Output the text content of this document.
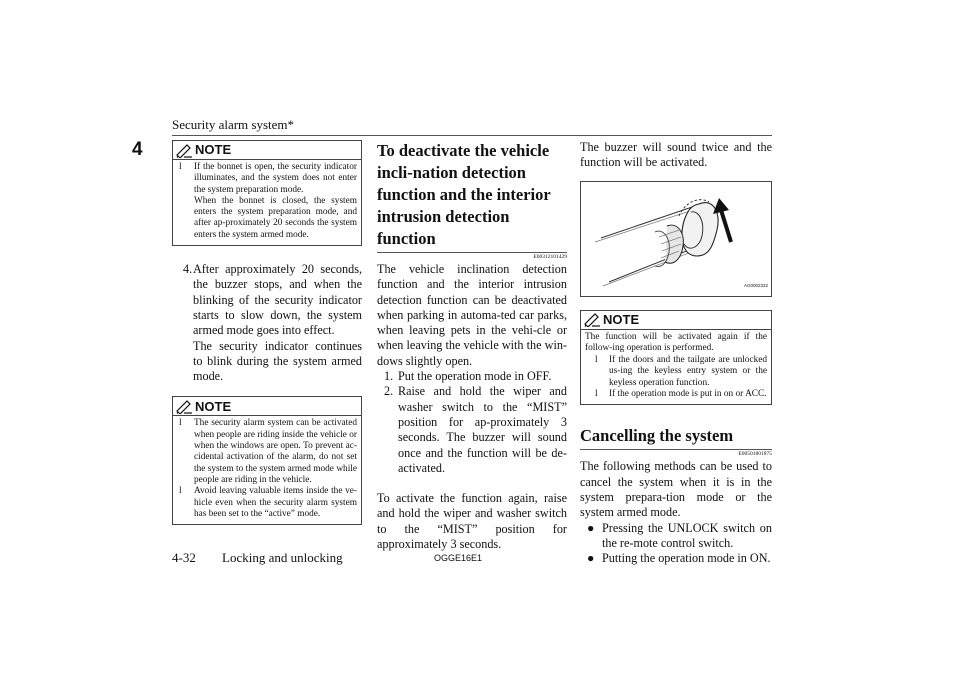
Security alarm system*
4	NOTE
l If the bonnet is open, the security indicator illuminates, and the system does not enter the system preparation mode.

When the bonnet is closed, the system enters the system preparation mode, and after ap-proximately 20 seconds the system enters the system armed mode.

4. After approximately 20 seconds, the buzzer stops, and when the blinking of the security indicator starts to slow down, the system armed mode goes into effect.

The security indicator continues to blink during the system armed mode.

NOTE
l The security alarm system can be activated when people are riding inside the vehicle or when the windows are open. To prevent ac-cidental activation of the alarm, do not set the system to the system armed mode while people are riding in the vehicle.

l Avoid leaving valuable items inside the ve-hicle even when the security alarm system has been set to the “active” mode.

To deactivate the vehicle incli-nation detection function and the interior intrusion detection function
E00312101429

The vehicle inclination detection function and the interior intrusion detection function can be deactivated when parking in automa-ted car parks, when leaving pets in the vehi-cle or when leaving the vehicle with the win-dows slightly open.

1. Put the operation mode in OFF.

2. Raise and hold the wiper and washer switch to the “MIST” position for ap-proximately 3 seconds. The buzzer will sound once and the function will be de-activated.

To activate the function again, raise and hold the wiper and washer switch to the “MIST” position for approximately 3 seconds.

The buzzer will sound twice and the function will be activated.

AG0002332
NOTE

The function will be activated again if the follow-ing operation is performed.

l If the doors and the tailgate are unlocked us-ing the keyless entry system or the keyless operation function.

l If the operation mode is put in on or ACC.

Cancelling the system
E00501801875

The following methods can be used to cancel the system when it is in the system prepara-tion mode or the system armed mode.

● Pressing the UNLOCK switch on the re-mote control switch.

● Putting the operation mode in ON.

4-32 Locking and unlocking	OGGE16E1
